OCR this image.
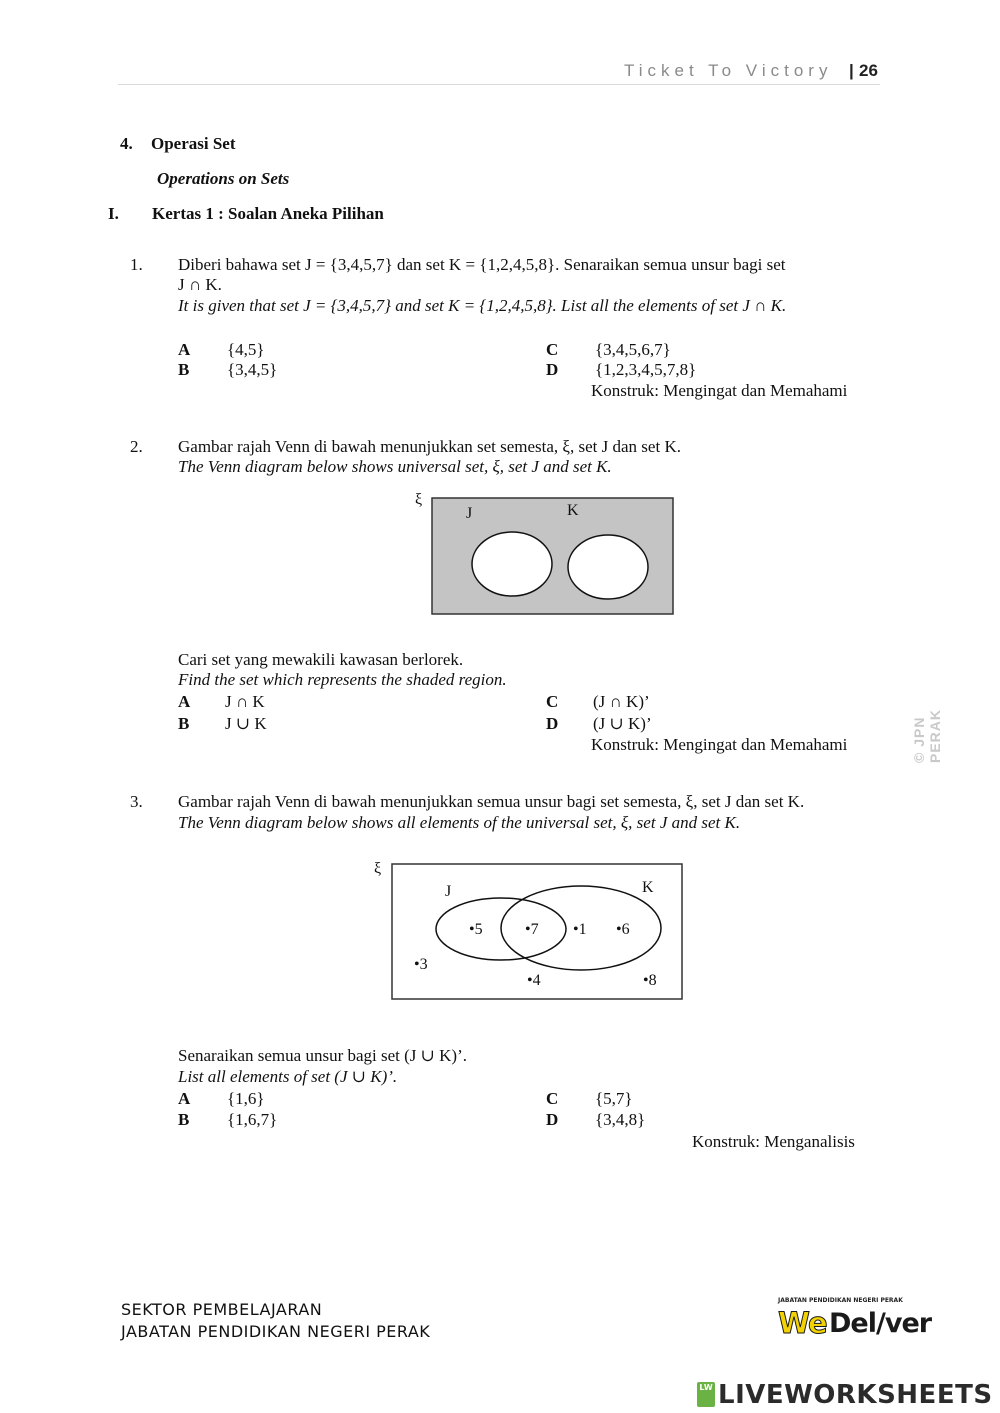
Ticket To Victory | 26
4. Operasi Set
Operations on Sets
I. Kertas 1 : Soalan Aneka Pilihan
1. Diberi bahawa set J = {3,4,5,7} dan set K = {1,2,4,5,8}. Senaraikan semua unsur bagi set
J ∩ K.
It is given that set J = {3,4,5,7} and set K = {1,2,4,5,8}. List all the elements of set J ∩ K.
A {4,5}
B {3,4,5}
C {3,4,5,6,7}
D {1,2,3,4,5,7,8}
Konstruk: Mengingat dan Memahami
2. Gambar rajah Venn di bawah menunjukkan set semesta, ξ, set J dan set K.
The Venn diagram below shows universal set, ξ, set J and set K.
ξ
J	K
Cari set yang mewakili kawasan berlorek.
Find the set which represents the shaded region.
A J ∩ K
B J ∪ K
C (J ∩ K)’
D (J ∪ K)’
Konstruk: Mengingat dan Memahami	© JPN PERAK
3. Gambar rajah Venn di bawah menunjukkan semua unsur bagi set semesta, ξ, set J dan set K.
The Venn diagram below shows all elements of the universal set, ξ, set J and set K.
ξ
J	K
•5	•7 •1 •6
•3
•4	•8
Senaraikan semua unsur bagi set (J ∪ K)’.
List all elements of set (J ∪ K)’.
A {1,6}
B {1,6,7}
C {5,7}
D {3,4,8}
Konstruk: Menganalisis
SEKTOR PEMBELAJARAN
JABATAN PENDIDIKAN NEGERI PERAK
JABATAN PENDIDIKAN NEGERI PERAK
We Del/ver
LW LIVEWORKSHEETS
